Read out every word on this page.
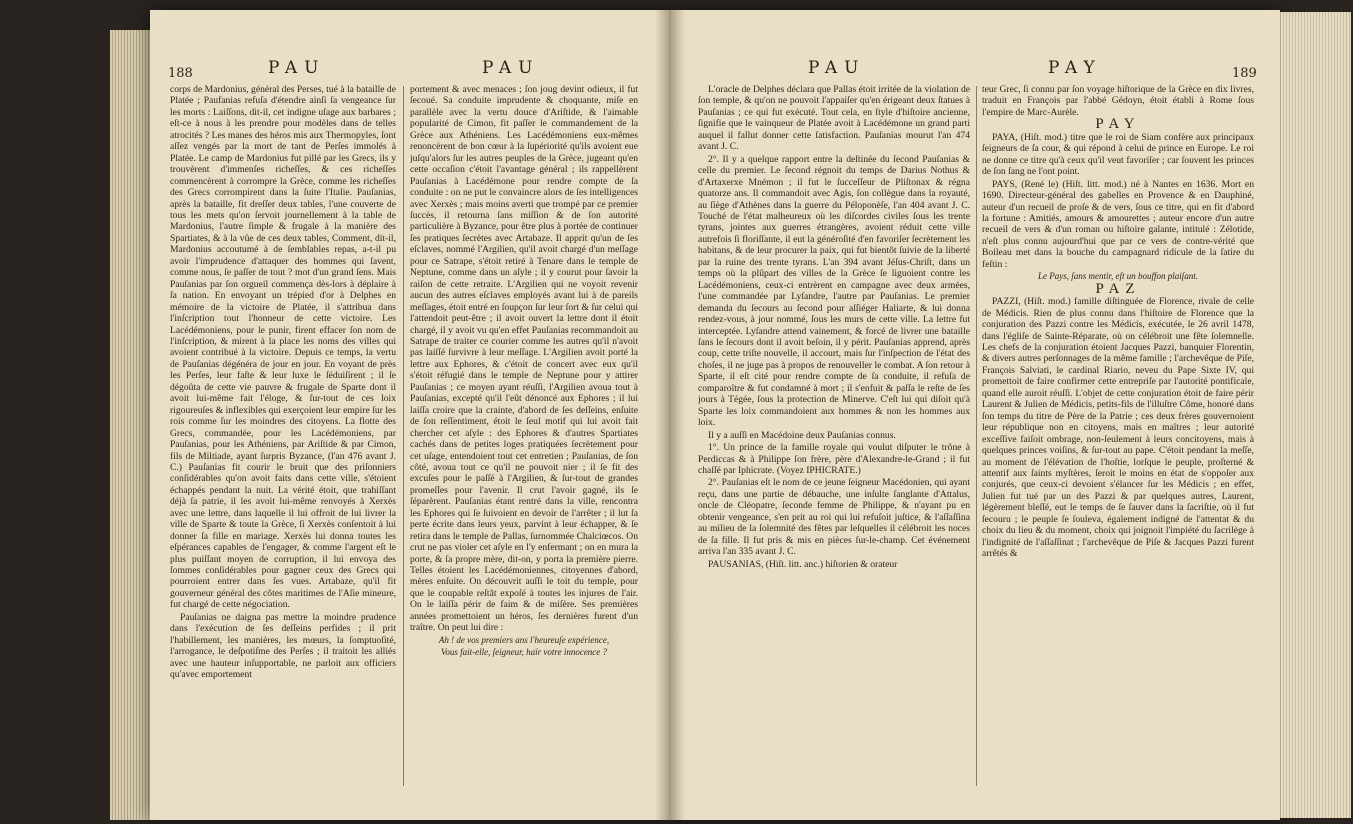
188	PAU	PAU

corps de Mardonius, général des Perses, tué à la bataille de Platée ; Paufanias refuſa d'étendre ainſi ſa vengeance ſur les morts : Laiſſons, dit-il, cet indigne uſage aux barbares ; eſt-ce à nous à les prendre pour modèles dans de telles atrocités ? Les manes des héros mis aux Thermopyles, ſont aſſez vengés par la mort de tant de Perſes immolés à Platée. Le camp de Mardonius fut pillé par les Grecs, ils y trouvèrent d'immenſes richeſſes, & ces richeſſes commencèrent à corrompre la Grèce, comme les richeſſes des Grecs corrompirent dans la ſuite l'Italie. Pauſanias, après la bataille, fit dreſſer deux tables, l'une couverte de tous les mets qu'on ſervoit journellement à la table de Mardonius, l'autre ſimple & frugale à la manière des Spartiates, & à la vûe de ces deux tables, Comment, dit-il, Mardonius accoutumé à de ſemblables repas, a-t-il pu avoir l'imprudence d'attaquer des hommes qui ſavent, comme nous, ſe paſſer de tout ? mot d'un grand ſens. Mais Pauſanias par ſon orgueil commença dès-lors à déplaire à ſa nation. En envoyant un trépied d'or à Delphes en mémoire de la victoire de Platée, il s'attribua dans l'inſcription tout l'honneur de cette victoire. Les Lacédémoniens, pour le punir, firent effacer ſon nom de l'inſcription, & mirent à la place les noms des villes qui avoient contribué à la victoire. Depuis ce temps, la vertu de Pauſanias dégénéra de jour en jour. En voyant de près les Perſes, leur faſte & leur luxe le ſéduiſirent ; il ſe dégoûta de cette vie pauvre & frugale de Sparte dont il avoit lui-même fait l'éloge, & ſur-tout de ces loix rigoureuſes & inflexibles qui exerçoient leur empire ſur les rois comme ſur les moindres des citoyens. La flotte des Grecs, commandée, pour les Lacédémoniens, par Pauſanias, pour les Athéniens, par Ariſtide & par Cimon, fils de Miltiade, ayant ſurpris Byzance, (l'an 476 avant J. C.) Pauſanias fit courir le bruit que des priſonniers conſidérables qu'on avoit faits dans cette ville, s'étoient échappés pendant la nuit. La vérité étoit, que trahiſſant déjà ſa patrie, il les avoit lui-même renvoyés à Xerxès avec une lettre, dans laquelle il lui offroit de lui livrer la ville de Sparte & toute la Grèce, ſi Xerxès conſentoit à lui donner ſa fille en mariage. Xerxès lui donna toutes les eſpérances capables de l'engager, & comme l'argent eſt le plus puiſſant moyen de corruption, il lui envoya des ſommes conſidérables pour gagner ceux des Grecs qui pourroient entrer dans ſes vues. Artabaze, qu'il fit gouverneur général des côtes maritimes de l'Aſie mineure, fut chargé de cette négociation.

Pauſanias ne daigna pas mettre la moindre prudence dans l'exécution de ſes deſſeins perfides ; il prit l'habillement, les manières, les mœurs, la ſomptuoſité, l'arrogance, le deſpotiſme des Perſes ; il traitoit les alliés avec une hauteur inſupportable, ne parloit aux officiers qu'avec emportement

portement & avec menaces ; ſon joug devint odieux, il fut ſecoué. Sa conduite imprudente & choquante, miſe en parallèle avec la vertu douce d'Ariſtide, & l'aimable popularité de Cimon, fit paſſer le commandement de la Grèce aux Athéniens. Les Lacédémoniens eux-mêmes renoncèrent de bon cœur à la ſupériorité qu'ils avoient eue juſqu'alors ſur les autres peuples de la Grèce, jugeant qu'en cette occaſion c'étoit l'avantage général ; ils rappellèrent Pauſanias à Lacédémone pour rendre compte de ſa conduite : on ne put le convaincre alors de ſes intelligences avec Xerxès ; mais moins averti que trompé par ce premier ſuccès, il retourna ſans miſſion & de ſon autorité particulière à Byzance, pour être plus à portée de continuer ſes pratiques ſecrètes avec Artabaze. Il apprit qu'un de ſes eſclaves, nommé l'Argilien, qu'il avoit chargé d'un meſſage pour ce Satrape, s'étoit retiré à Tenare dans le temple de Neptune, comme dans un aſyle ; il y courut pour ſavoir la raiſon de cette retraite. L'Argilien qui ne voyoit revenir aucun des autres eſclaves employés avant lui à de pareils meſſages, étoit entré en ſoupçon ſur leur ſort & ſur celui qui l'attendoit peut-être ; il avoit ouvert la lettre dont il étoit chargé, il y avoit vu qu'en effet Pauſanias recommandoit au Satrape de traiter ce courier comme les autres qu'il n'avoit pas laiſſé ſurvivre à leur meſſage. L'Argilien avoit porté la lettre aux Ephores, & c'étoit de concert avec eux qu'il s'étoit réfugié dans le temple de Neptune pour y attirer Pauſanias ; ce moyen ayant réuſſi, l'Argilien avoua tout à Pauſanias, excepté qu'il l'eût dénoncé aux Ephores ; il lui laiſſa croire que la crainte, d'abord de ſes deſſeins, enſuite de ſon reſſentiment, étoit le ſeul motif qui lui avoit fait chercher cet aſyle : des Ephores & d'autres Spartiates cachés dans de petites loges pratiquées ſecrètement pour cet uſage, entendoient tout cet entretien ; Pauſanias, de ſon côté, avoua tout ce qu'il ne pouvoit nier ; il ſe fit des excuſes pour le paſſé à l'Argilien, & ſur-tout de grandes promeſſes pour l'avenir. Il crut l'avoir gagné, ils ſe ſéparèrent. Pauſanias étant rentré dans la ville, rencontra les Ephores qui ſe ſuivoient en devoir de l'arrêter ; il lut ſa perte écrite dans leurs yeux, parvint à leur échapper, & ſe retira dans le temple de Pallas, ſurnommée Chalciœcos. On crut ne pas violer cet aſyle en l'y enfermant ; on en mura la porte, & ſa propre mère, dit-on, y porta la première pierre. Telles étoient les Lacédémoniennes, citoyennes d'abord, mères enſuite. On découvrit auſſi le toit du temple, pour que le coupable reſtât expoſé à toutes les injures de l'air. On le laiſſa périr de faim & de miſère. Ses premières années promettoient un héros, ſes dernières furent d'un traître. On peut lui dire :

Ah ! de vos premiers ans l'heureuſe expérience,

Vous fait-elle, ſeigneur, haïr votre innocence ?

PAU	PAY	189

L'oracle de Delphes déclara que Pallas étoit irritée de la violation de ſon temple, & qu'on ne pouvoit l'appaiſer qu'en érigeant deux ſtatues à Pauſanias ; ce qui fut exécuté. Tout cela, en ſtyle d'hiſtoire ancienne, ſignifie que le vainqueur de Platée avoit à Lacédémone un grand parti auquel il fallut donner cette ſatisfaction. Pauſanias mourut l'an 474 avant J. C.

2°. Il y a quelque rapport entre la deſtinée du ſecond Pauſanias & celle du premier. Le ſecond régnoit du temps de Darius Nothus & d'Artaxerxe Mnémon ; il fut le ſucceſſeur de Pliſtonax & régna quatorze ans. Il commandoit avec Agis, ſon collègue dans la royauté, au ſiège d'Athènes dans la guerre du Péloponèſe, l'an 404 avant J. C. Touché de l'état malheureux où les diſcordes civiles ſous les trente tyrans, jointes aux guerres étrangères, avoient réduit cette ville autrefois ſi floriſſante, il eut la généroſité d'en favoriſer ſecrètement les habitans, & de leur procurer la paix, qui fut bientôt ſuivie de la liberté par la ruine des trente tyrans. L'an 394 avant Jéſus-Chriſt, dans un temps où la plûpart des villes de la Grèce ſe liguoient contre les Lacédémoniens, ceux-ci entrèrent en campagne avec deux armées, l'une commandée par Lyſandre, l'autre par Pauſanias. Le premier demanda du ſecours au ſecond pour aſſiéger Haliarte, & lui donna rendez-vous, à jour nommé, ſous les murs de cette ville. La lettre fut interceptée. Lyſandre attend vainement, & forcé de livrer une bataille ſans le ſecours dont il avoit beſoin, il y périt. Pauſanias apprend, après coup, cette triſte nouvelle, il accourt, mais ſur l'inſpection de l'état des choſes, il ne juge pas à propos de renouveller le combat. A ſon retour à Sparte, il eſt cité pour rendre compte de ſa conduite, il refuſa de comparoître & fut condamné à mort ; il s'enfuit & paſſa le reſte de ſes jours à Tégée, ſous la protection de Minerve. C'eſt lui qui diſoit qu'à Sparte les loix commandoient aux hommes & non les hommes aux loix.

Il y a auſſi en Macédoine deux Pauſanias connus.

1°. Un prince de la famille royale qui voulut diſputer le trône à Perdiccas & à Philippe ſon frère, père d'Alexandre-le-Grand ; il fut chaſſé par Iphicrate. (Voyez IPHICRATE.)

2°. Pauſanias eſt le nom de ce jeune ſeigneur Macédonien, qui ayant reçu, dans une partie de débauche, une inſulte ſanglante d'Attalus, oncle de Cléopatre, ſeconde femme de Philippe, & n'ayant pu en obtenir vengeance, s'en prit au roi qui lui refuſoit juſtice, & l'aſſaſſina au milieu de la ſolemnité des fêtes par leſquelles il célébroit les noces de ſa fille. Il fut pris & mis en pièces ſur-le-champ. Cet événement arriva l'an 335 avant J. C.

PAUSANIAS, (Hiſt. litt. anc.) hiſtorien & orateur

teur Grec, ſi connu par ſon voyage hiſtorique de la Grèce en dix livres, traduit en François par l'abbé Gédoyn, étoit établi à Rome ſous l'empire de Marc-Aurèle.

PAY

PAYA, (Hiſt. mod.) titre que le roi de Siam confère aux principaux ſeigneurs de ſa cour, & qui répond à celui de prince en Europe. Le roi ne donne ce titre qu'à ceux qu'il veut favoriſer ; car ſouvent les princes de ſon ſang ne l'ont point.

PAYS, (René le) (Hiſt. litt. mod.) né à Nantes en 1636. Mort en 1690. Directeur-général des gabelles en Provence & en Dauphiné, auteur d'un recueil de proſe & de vers, ſous ce titre, qui en fit d'abord la fortune : Amitiés, amours & amourettes ; auteur encore d'un autre recueil de vers & d'un roman ou hiſtoire galante, intitulé : Zélotide, n'eſt plus connu aujourd'hui que par ce vers de contre-vérité que Boileau met dans la bouche du campagnard ridicule de la ſatire du feſtin :

Le Pays, ſans mentir, eſt un bouffon plaiſant.

PAZ

PAZZI, (Hiſt. mod.) famille diſtinguée de Florence, rivale de celle de Médicis. Rien de plus connu dans l'hiſtoire de Florence que la conjuration des Pazzi contre les Médicis, exécutée, le 26 avril 1478, dans l'égliſe de Sainte-Réparate, où on célébroit une fête ſolemnelle. Les chefs de la conjuration étoient Jacques Pazzi, banquier Florentin, & divers autres perſonnages de la même famille ; l'archevêque de Piſe, François Salviati, le cardinal Riario, neveu du Pape Sixte IV, qui promettoit de faire confirmer cette entrepriſe par l'autorité pontificale, quand elle auroit réuſſi. L'objet de cette conjuration étoit de faire périr Laurent & Julien de Médicis, petits-fils de l'illuſtre Côme, honoré dans ſon temps du titre de Père de la Patrie ; ces deux frères gouvernoient leur république non en citoyens, mais en maîtres ; leur autorité exceſſive faiſoit ombrage, non-ſeulement à leurs concitoyens, mais à quelques princes voiſins, & ſur-tout au pape. C'étoit pendant la meſſe, au moment de l'élévation de l'hoſtie, lorſque le peuple, proſterné & attentif aux ſaints myſtères, ſeroit le moins en état de s'oppoſer aux conjurés, que ceux-ci devoient s'élancer ſur les Médicis ; en effet, Julien fut tué par un des Pazzi & par quelques autres, Laurent, légèrement bleſſé, eut le temps de ſe ſauver dans la ſacriſtie, où il fut ſecouru ; le peuple ſe ſouleva, également indigné de l'attentat & du choix du lieu & du moment, choix qui joignoit l'impiété du ſacrilège à l'indignité de l'aſſaſſinat ; l'archevêque de Piſe & Jacques Pazzi furent arrêtés &
